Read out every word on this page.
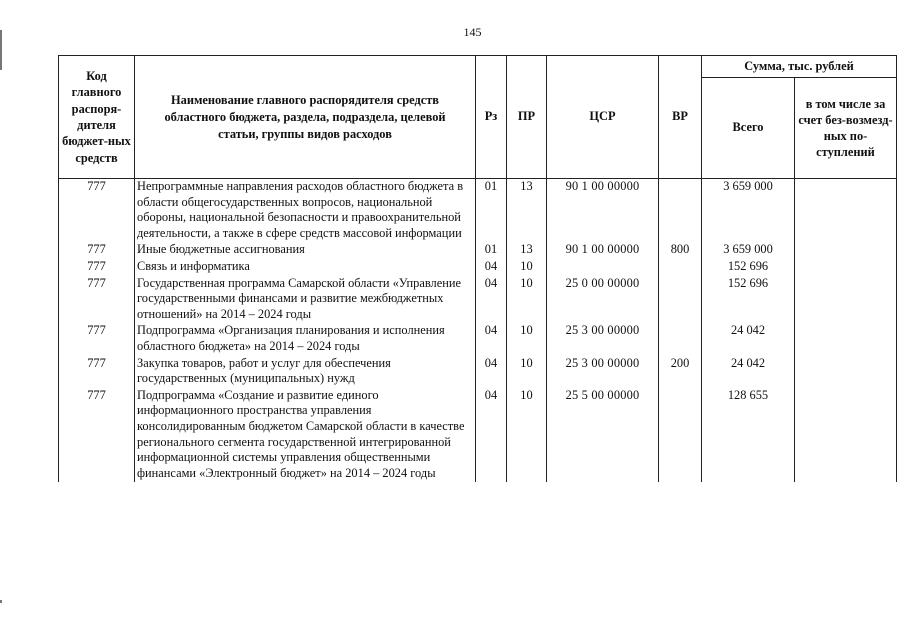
145
Код главного распоря-дителя бюджет-ных средств	Наименование главного распорядителя средств областного бюджета, раздела, подраздела, целевой статьи, группы видов расходов	Рз	ПР	ЦСР	ВР	Сумма, тыс. рублей	
						Всего	в том числе за счет без-возмезд-ных по-ступлений
777	Непрограммные направления расходов областного бюджета в области общегосударственных вопросов, национальной обороны, национальной безопасности и правоохранительной деятельности, а также в сфере средств массовой информации	01	13	90 1 00 00000		3 659 000	
777	Иные бюджетные ассигнования	01	13	90 1 00 00000	800	3 659 000	
777	Связь и информатика	04	10			152 696	
777	Государственная программа Самарской области «Управление государственными финансами и развитие межбюджетных отношений» на 2014 – 2024 годы	04	10	25 0 00 00000		152 696	
777	Подпрограмма «Организация планирования и исполнения областного бюджета» на 2014 – 2024 годы	04	10	25 3 00 00000		24 042	
777	Закупка товаров, работ и услуг для обеспечения государственных (муниципальных) нужд	04	10	25 3 00 00000	200	24 042	
777	Подпрограмма «Создание и развитие единого информационного пространства управления консолидированным бюджетом Самарской области в качестве регионального сегмента государственной интегрированной информационной системы управления общественными финансами «Электронный бюджет» на 2014 – 2024 годы	04	10	25 5 00 00000		128 655	
